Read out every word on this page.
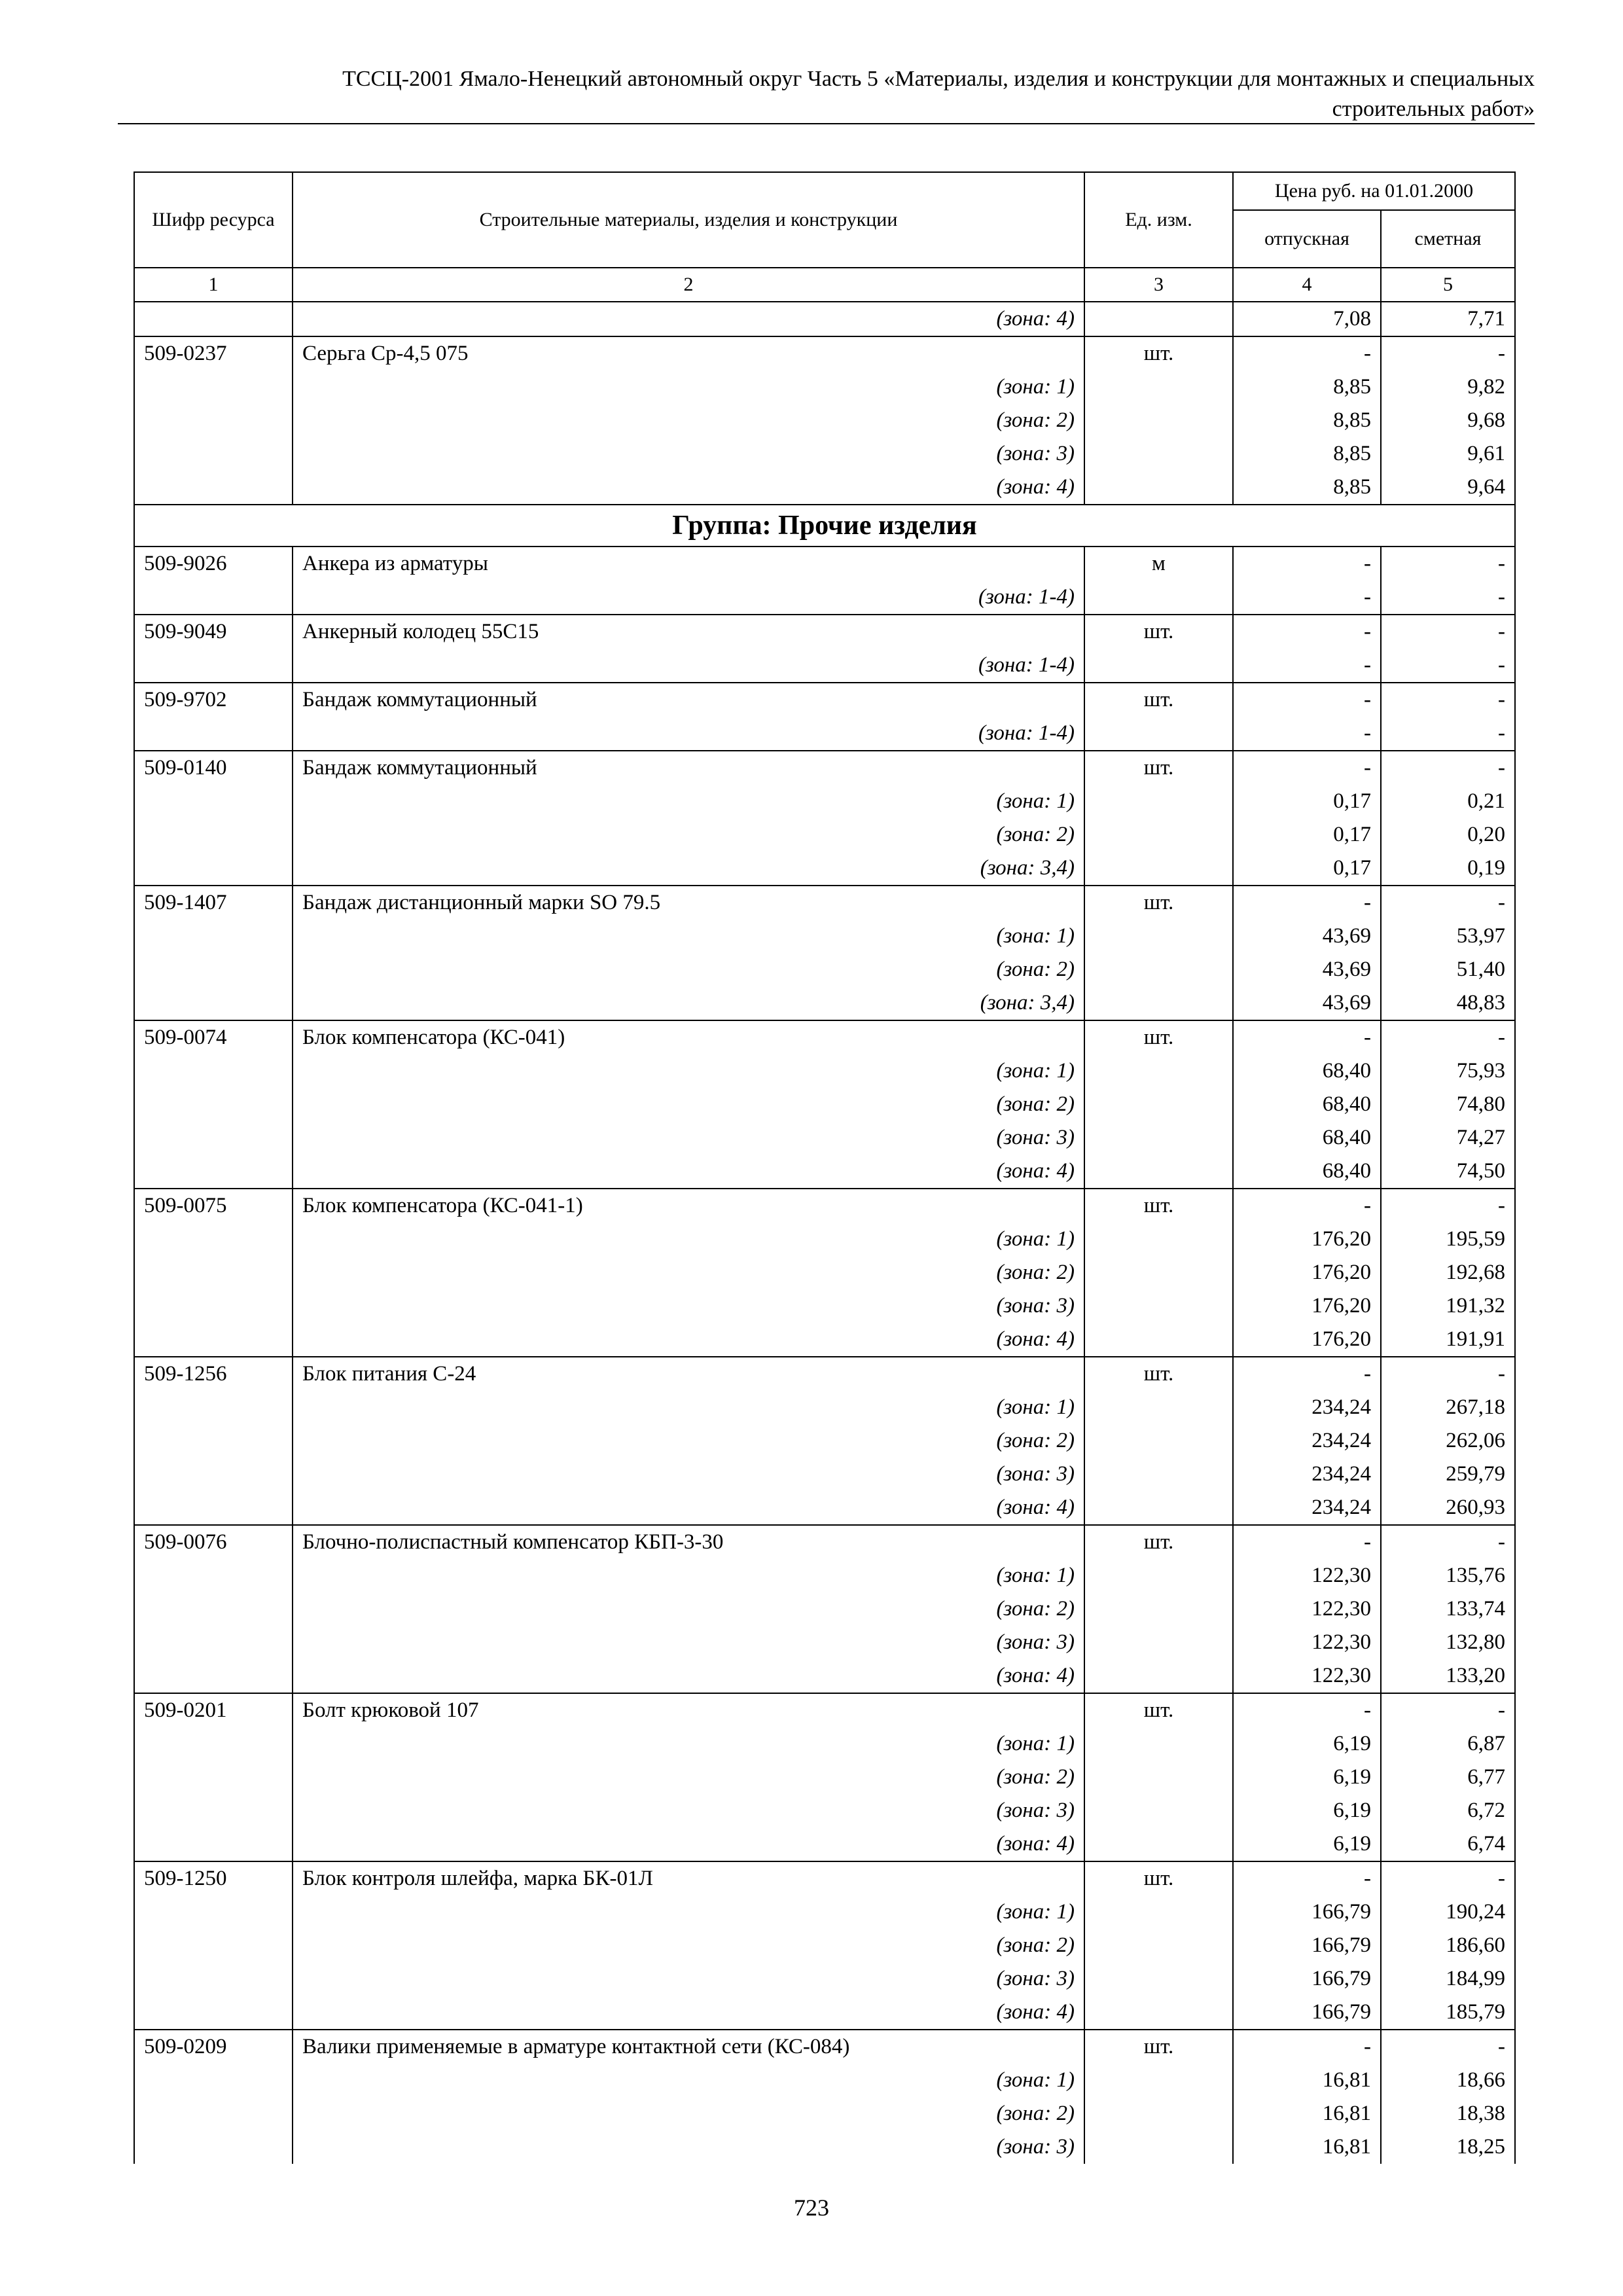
ТССЦ-2001 Ямало-Ненецкий автономный округ Часть 5 «Материалы, изделия и конструкции для монтажных и специальных
строительных работ»
Шифр ресурса	Строительные материалы, изделия и конструкции	Ед. изм.	Цена руб. на 01.01.2000	
			отпускная	сметная
1	2	3	4	5
	(зона: 4)		7,08	7,71
509-0237	Серьга Ср-4,5 075	шт.	-	-
	(зона: 1)		8,85	9,82
	(зона: 2)		8,85	9,68
	(зона: 3)		8,85	9,61
	(зона: 4)		8,85	9,64
Группа: Прочие изделия				
509-9026	Анкера из арматуры	м	-	-
	(зона: 1-4)		-	-
509-9049	Анкерный колодец 55С15	шт.	-	-
	(зона: 1-4)		-	-
509-9702	Бандаж коммутационный	шт.	-	-
	(зона: 1-4)		-	-
509-0140	Бандаж коммутационный	шт.	-	-
	(зона: 1)		0,17	0,21
	(зона: 2)		0,17	0,20
	(зона: 3,4)		0,17	0,19
509-1407	Бандаж дистанционный марки SO 79.5	шт.	-	-
	(зона: 1)		43,69	53,97
	(зона: 2)		43,69	51,40
	(зона: 3,4)		43,69	48,83
509-0074	Блок компенсатора (КС-041)	шт.	-	-
	(зона: 1)		68,40	75,93
	(зона: 2)		68,40	74,80
	(зона: 3)		68,40	74,27
	(зона: 4)		68,40	74,50
509-0075	Блок компенсатора (КС-041-1)	шт.	-	-
	(зона: 1)		176,20	195,59
	(зона: 2)		176,20	192,68
	(зона: 3)		176,20	191,32
	(зона: 4)		176,20	191,91
509-1256	Блок питания С-24	шт.	-	-
	(зона: 1)		234,24	267,18
	(зона: 2)		234,24	262,06
	(зона: 3)		234,24	259,79
	(зона: 4)		234,24	260,93
509-0076	Блочно-полиспастный компенсатор КБП-3-30	шт.	-	-
	(зона: 1)		122,30	135,76
	(зона: 2)		122,30	133,74
	(зона: 3)		122,30	132,80
	(зона: 4)		122,30	133,20
509-0201	Болт крюковой 107	шт.	-	-
	(зона: 1)		6,19	6,87
	(зона: 2)		6,19	6,77
	(зона: 3)		6,19	6,72
	(зона: 4)		6,19	6,74
509-1250	Блок контроля шлейфа, марка БК-01Л	шт.	-	-
	(зона: 1)		166,79	190,24
	(зона: 2)		166,79	186,60
	(зона: 3)		166,79	184,99
	(зона: 4)		166,79	185,79
509-0209	Валики применяемые в арматуре контактной сети (КС-084)	шт.	-	-
	(зона: 1)		16,81	18,66
	(зона: 2)		16,81	18,38
	(зона: 3)		16,81	18,25
723
